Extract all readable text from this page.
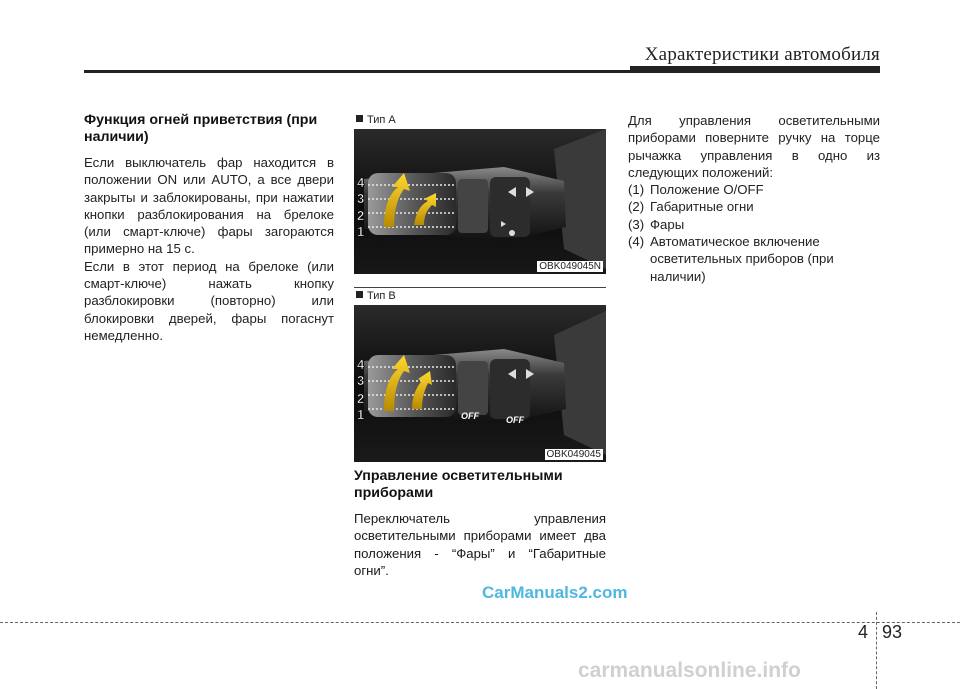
Характеристики автомобиля
Функция огней приветствия (при наличии)

Если выключатель фар находится в положении ON или AUTO, а все двери закрыты и заблокированы, при нажатии кнопки разблокирования на брелоке (или смарт-ключе) фары загораются примерно на 15 с.

Если в этот период на брелоке (или смарт-ключе) нажать кнопку разблокировки (повторно) или блокировки дверей, фары погаснут немедленно.

Тип А
4
3
2
1
OBK049045N
Тип В
OFF	OFF
4
3
2
1
OBK049045
Управление осветительными приборами

Переключатель управления осветительными приборами имеет два положения - “Фары” и “Габаритные огни”.

Для управления осветительными приборами поверните ручку на торце рычажка управления в одно из следующих положений:

(1) Положение O/OFF
(2) Габаритные огни
(3) Фары
(4) Автоматическое включение осветительных приборов (при наличии)
CarManuals2.com
4 93
carmanualsonline.info
